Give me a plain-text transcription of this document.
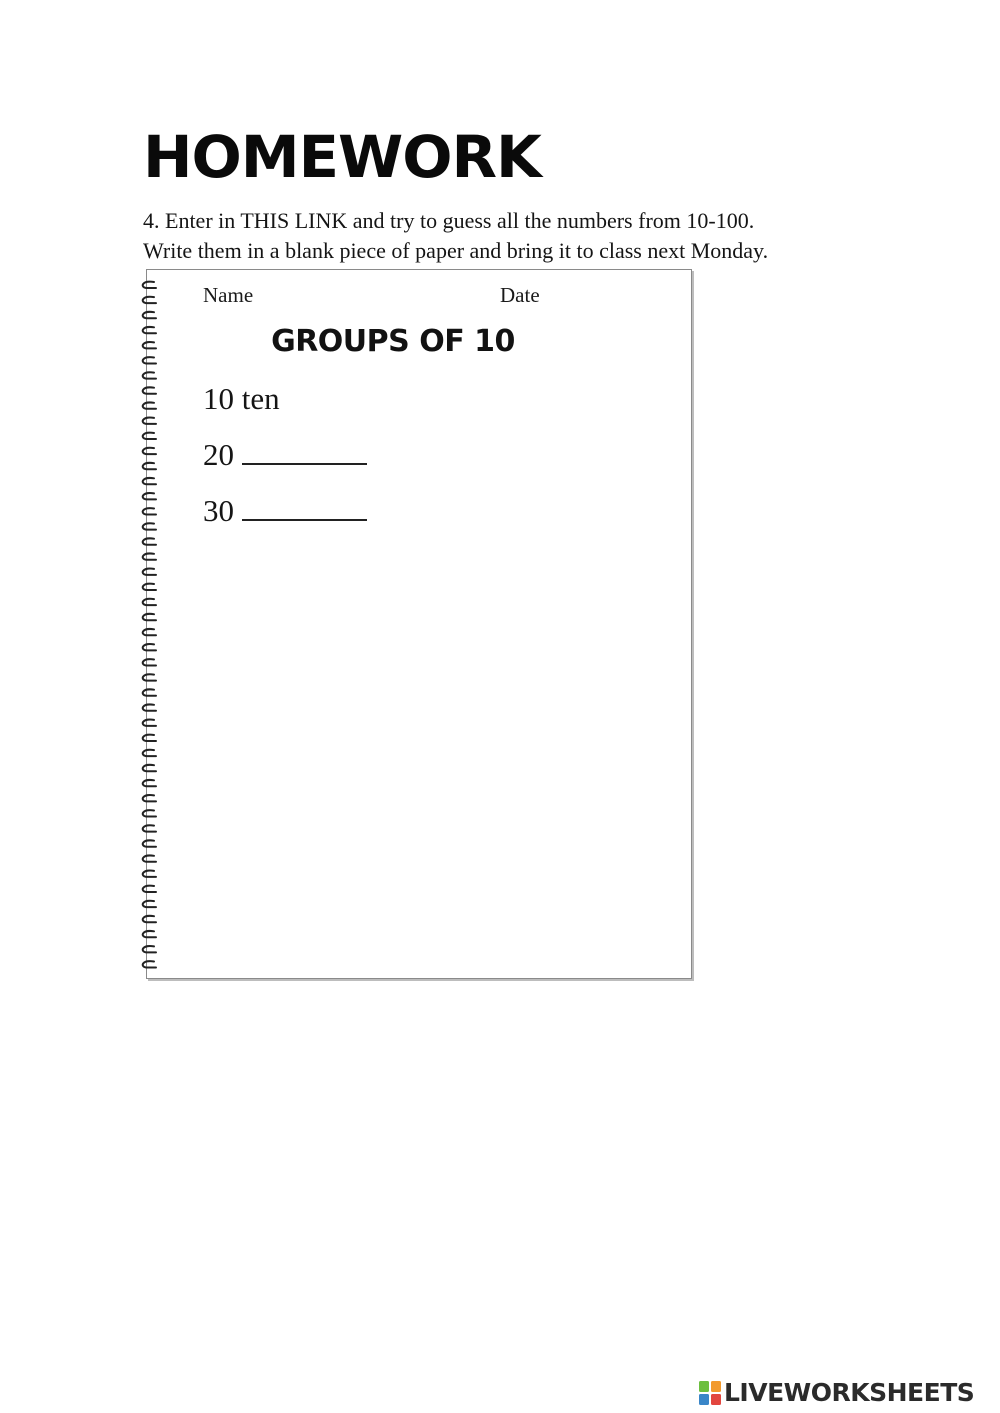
HOMEWORK
4. Enter in THIS LINK and try to guess all the numbers from 10-100.
Write them in a blank piece of paper and bring it to class next Monday.
Name	Date
GROUPS OF 10
10 ten
20
30
LIVEWORKSHEETS
